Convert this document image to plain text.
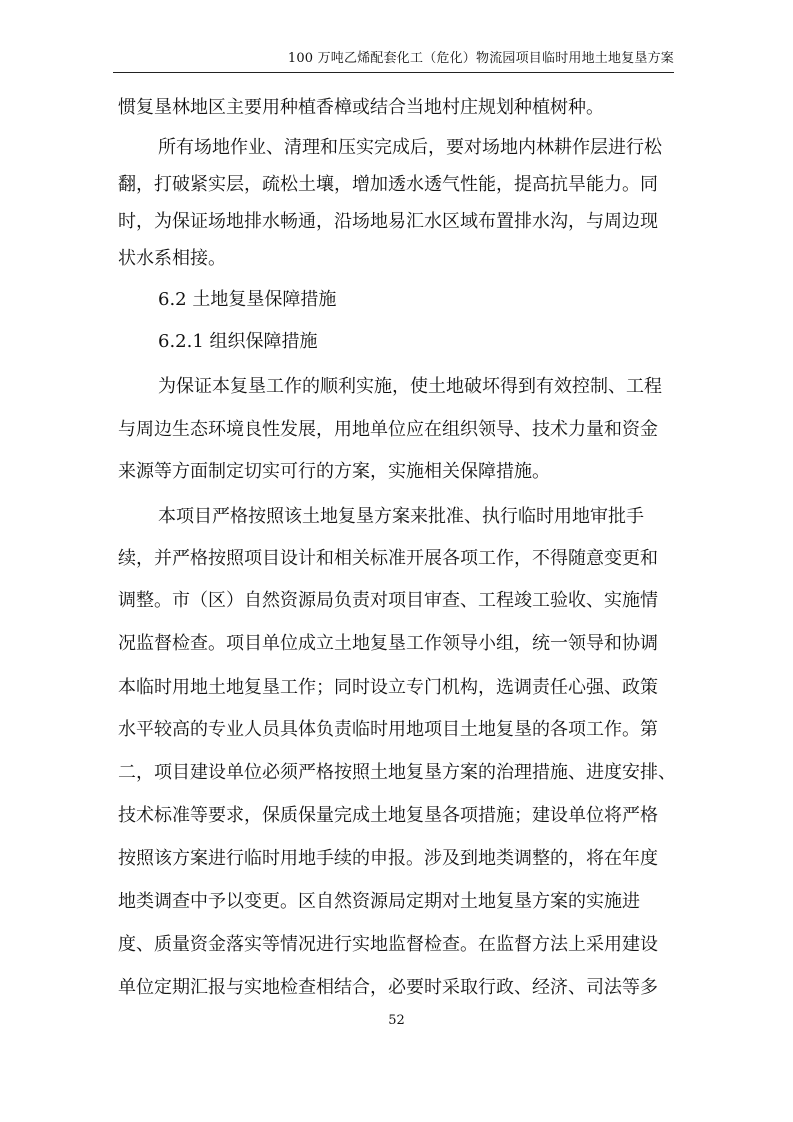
100 万吨乙烯配套化工（危化）物流园项目临时用地土地复垦方案
惯复垦林地区主要用种植香樟或结合当地村庄规划种植树种。
所有场地作业、清理和压实完成后，要对场地内林耕作层进行松
翻，打破紧实层，疏松土壤，增加透水透气性能，提高抗旱能力。同
时，为保证场地排水畅通，沿场地易汇水区域布置排水沟，与周边现
状水系相接。
6.2 土地复垦保障措施
6.2.1 组织保障措施
为保证本复垦工作的顺利实施，使土地破坏得到有效控制、工程
与周边生态环境良性发展，用地单位应在组织领导、技术力量和资金
来源等方面制定切实可行的方案，实施相关保障措施。
本项目严格按照该土地复垦方案来批准、执行临时用地审批手
续，并严格按照项目设计和相关标准开展各项工作，不得随意变更和
调整。市（区）自然资源局负责对项目审查、工程竣工验收、实施情
况监督检查。项目单位成立土地复垦工作领导小组，统一领导和协调
本临时用地土地复垦工作；同时设立专门机构，选调责任心强、政策
水平较高的专业人员具体负责临时用地项目土地复垦的各项工作。第
二，项目建设单位必须严格按照土地复垦方案的治理措施、进度安排、
技术标准等要求，保质保量完成土地复垦各项措施；建设单位将严格
按照该方案进行临时用地手续的申报。涉及到地类调整的，将在年度
地类调查中予以变更。区自然资源局定期对土地复垦方案的实施进
度、质量资金落实等情况进行实地监督检查。在监督方法上采用建设
单位定期汇报与实地检查相结合，必要时采取行政、经济、司法等多
52
